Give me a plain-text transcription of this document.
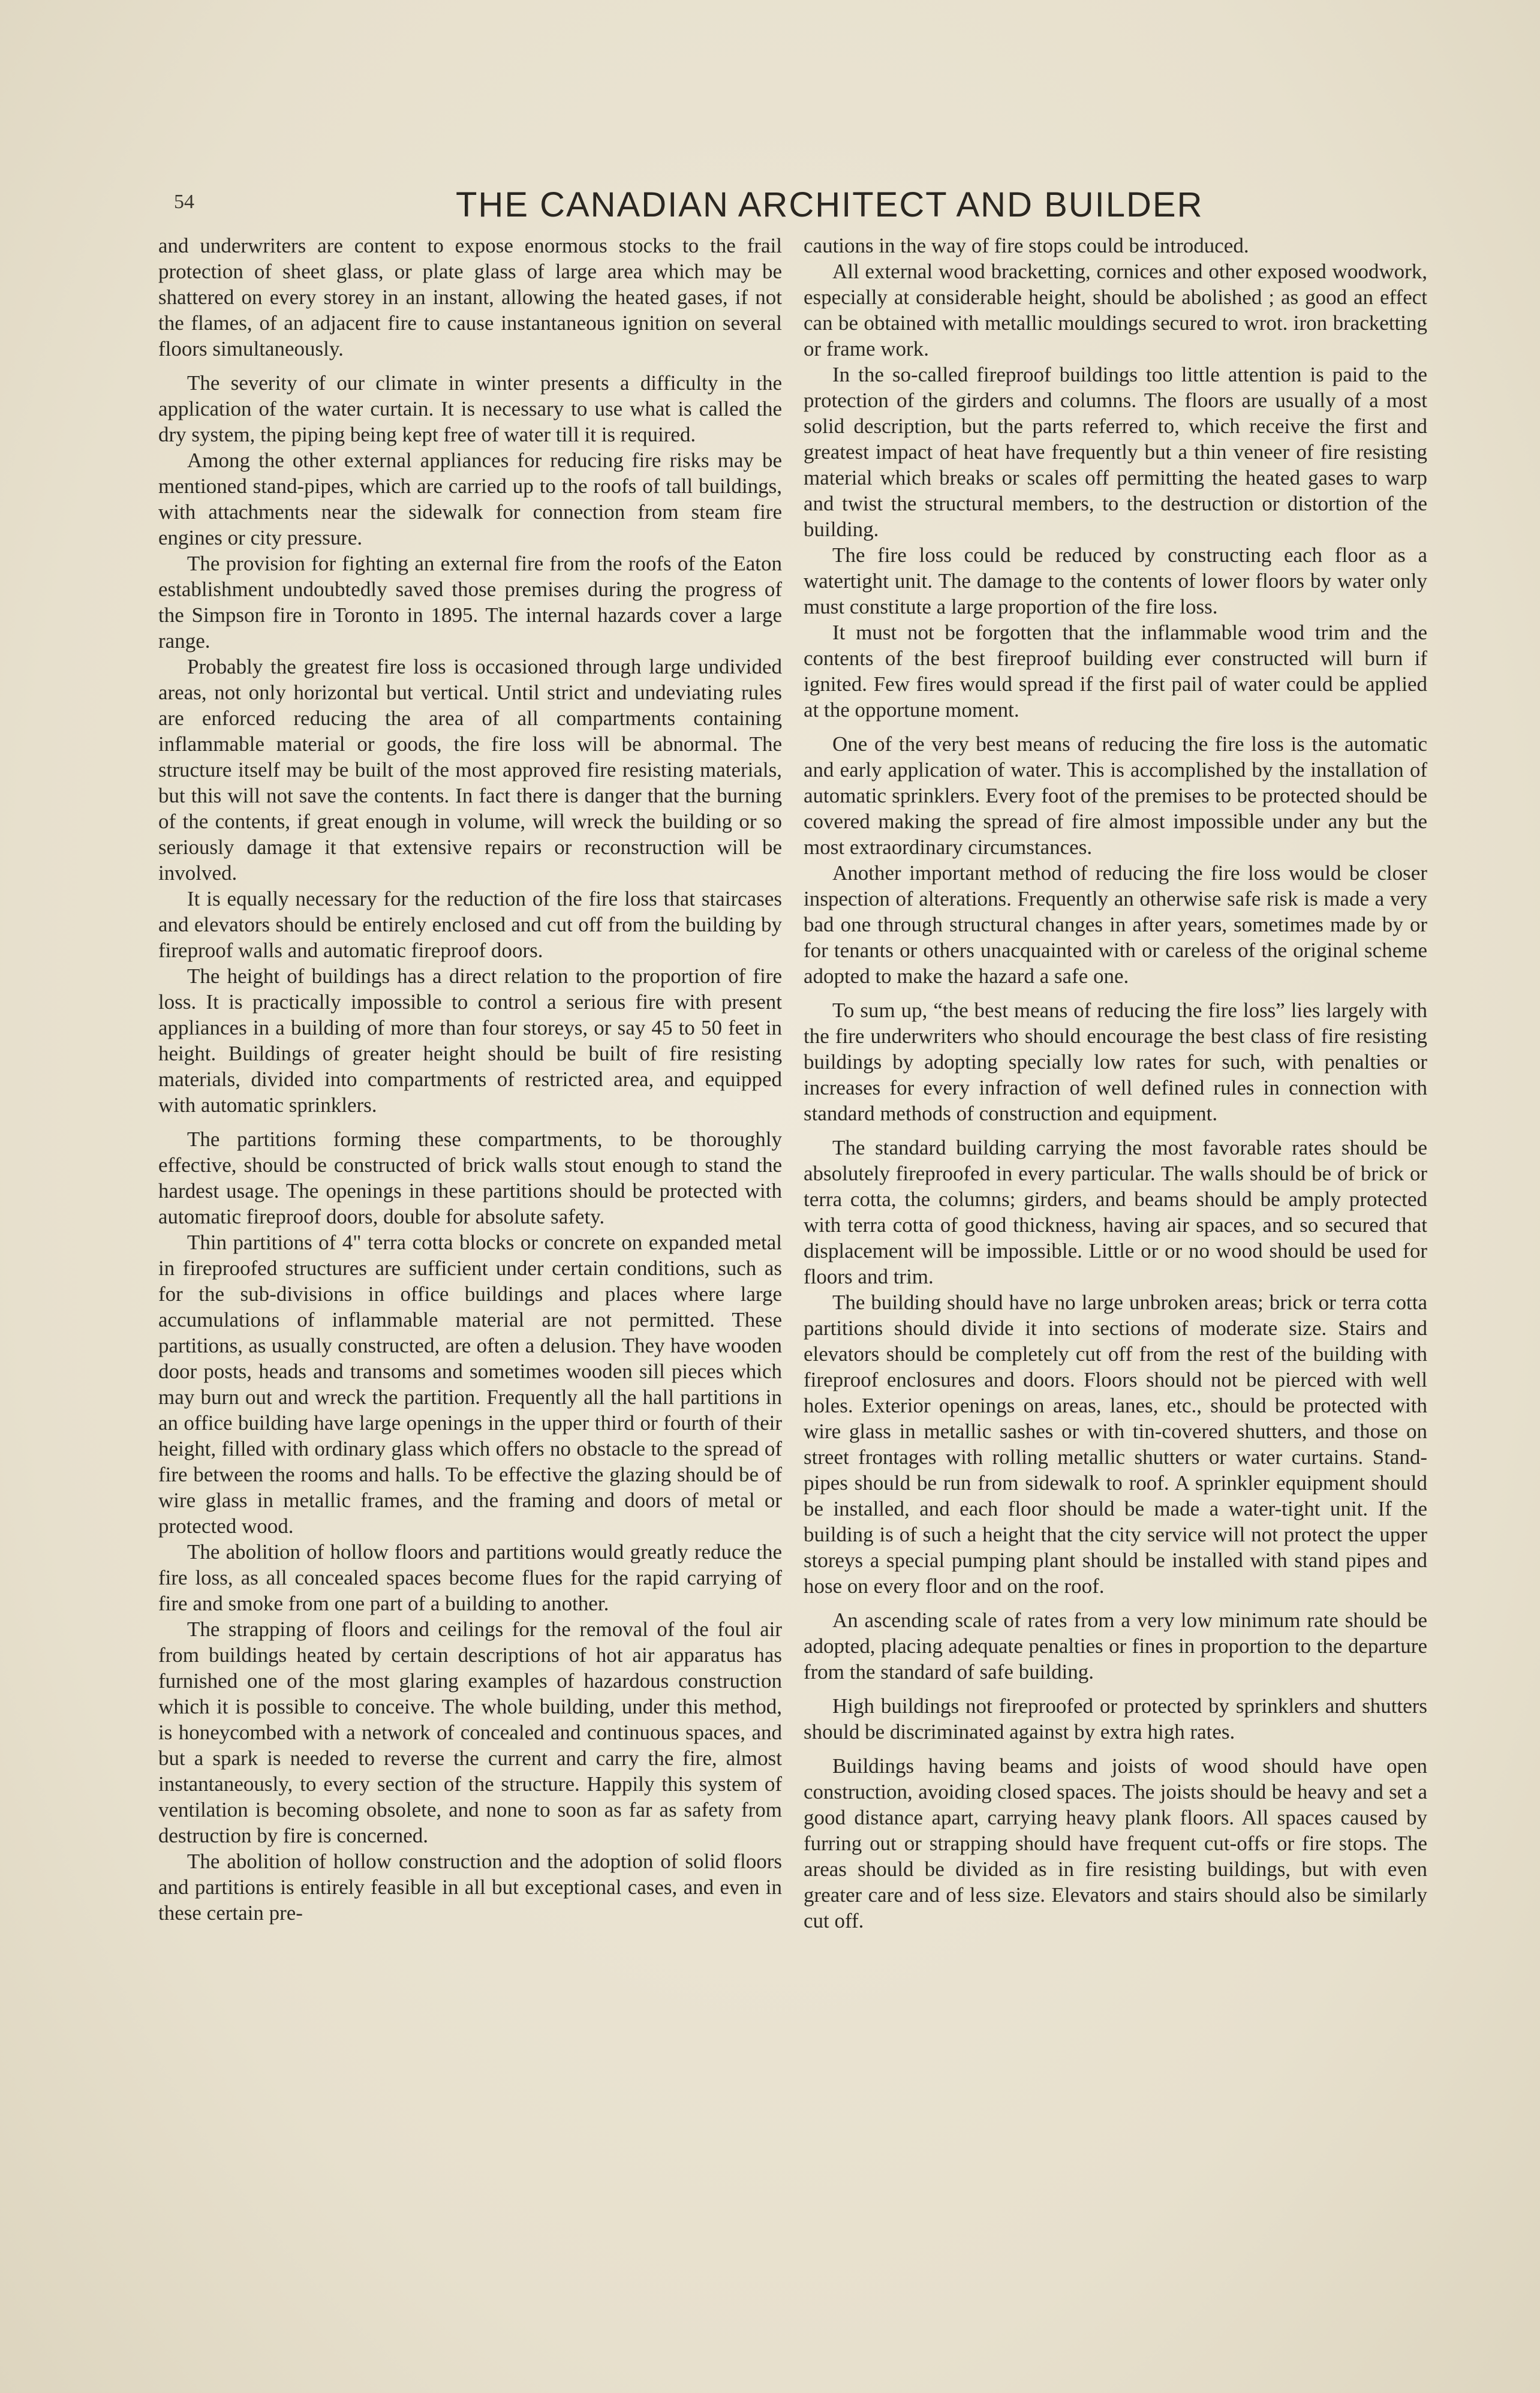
54	THE CANADIAN ARCHITECT AND BUILDER

and underwriters are content to expose enormous stocks to the frail protection of sheet glass, or plate glass of large area which may be shattered on every storey in an instant, allowing the heated gases, if not the flames, of an adjacent fire to cause instantaneous ignition on several floors simultaneously.

The severity of our climate in winter presents a difficulty in the application of the water curtain. It is necessary to use what is called the dry system, the piping being kept free of water till it is required.

Among the other external appliances for reducing fire risks may be mentioned stand-pipes, which are carried up to the roofs of tall buildings, with attachments near the sidewalk for connection from steam fire engines or city pressure.

The provision for fighting an external fire from the roofs of the Eaton establishment undoubtedly saved those premises during the progress of the Simpson fire in Toronto in 1895. The internal hazards cover a large range.

Probably the greatest fire loss is occasioned through large undivided areas, not only horizontal but vertical. Until strict and undeviating rules are enforced reducing the area of all compartments containing inflammable material or goods, the fire loss will be abnormal. The structure itself may be built of the most approved fire resisting materials, but this will not save the contents. In fact there is danger that the burning of the contents, if great enough in volume, will wreck the building or so seriously damage it that extensive repairs or reconstruction will be involved.

It is equally necessary for the reduction of the fire loss that staircases and elevators should be entirely enclosed and cut off from the building by fireproof walls and automatic fireproof doors.

The height of buildings has a direct relation to the proportion of fire loss. It is practically impossible to control a serious fire with present appliances in a building of more than four storeys, or say 45 to 50 feet in height. Buildings of greater height should be built of fire resisting materials, divided into compartments of restricted area, and equipped with automatic sprinklers.

The partitions forming these compartments, to be thoroughly effective, should be constructed of brick walls stout enough to stand the hardest usage. The openings in these partitions should be protected with automatic fireproof doors, double for absolute safety.

Thin partitions of 4" terra cotta blocks or concrete on expanded metal in fireproofed structures are sufficient under certain conditions, such as for the sub-divisions in office buildings and places where large accumulations of inflammable material are not permitted. These partitions, as usually constructed, are often a delusion. They have wooden door posts, heads and transoms and sometimes wooden sill pieces which may burn out and wreck the partition. Frequently all the hall partitions in an office building have large openings in the upper third or fourth of their height, filled with ordinary glass which offers no obstacle to the spread of fire between the rooms and halls. To be effective the glazing should be of wire glass in metallic frames, and the framing and doors of metal or protected wood.

The abolition of hollow floors and partitions would greatly reduce the fire loss, as all concealed spaces become flues for the rapid carrying of fire and smoke from one part of a building to another.

The strapping of floors and ceilings for the removal of the foul air from buildings heated by certain descriptions of hot air apparatus has furnished one of the most glaring examples of hazardous construction which it is possible to conceive. The whole building, under this method, is honeycombed with a network of concealed and continuous spaces, and but a spark is needed to reverse the current and carry the fire, almost instantaneously, to every section of the structure. Happily this system of ventilation is becoming obsolete, and none to soon as far as safety from destruction by fire is concerned.

The abolition of hollow construction and the adoption of solid floors and partitions is entirely feasible in all but exceptional cases, and even in these certain pre-

cautions in the way of fire stops could be introduced.

All external wood bracketting, cornices and other exposed woodwork, especially at considerable height, should be abolished ; as good an effect can be obtained with metallic mouldings secured to wrot. iron bracketting or frame work.

In the so-called fireproof buildings too little attention is paid to the protection of the girders and columns. The floors are usually of a most solid description, but the parts referred to, which receive the first and greatest impact of heat have frequently but a thin veneer of fire resisting material which breaks or scales off permitting the heated gases to warp and twist the structural members, to the destruction or distortion of the building.

The fire loss could be reduced by constructing each floor as a watertight unit. The damage to the contents of lower floors by water only must constitute a large proportion of the fire loss.

It must not be forgotten that the inflammable wood trim and the contents of the best fireproof building ever constructed will burn if ignited. Few fires would spread if the first pail of water could be applied at the opportune moment.

One of the very best means of reducing the fire loss is the automatic and early application of water. This is accomplished by the installation of automatic sprinklers. Every foot of the premises to be protected should be covered making the spread of fire almost impossible under any but the most extraordinary circumstances.

Another important method of reducing the fire loss would be closer inspection of alterations. Frequently an otherwise safe risk is made a very bad one through structural changes in after years, sometimes made by or for tenants or others unacquainted with or careless of the original scheme adopted to make the hazard a safe one.

To sum up, “the best means of reducing the fire loss” lies largely with the fire underwriters who should encourage the best class of fire resisting buildings by adopting specially low rates for such, with penalties or increases for every infraction of well defined rules in connection with standard methods of construction and equipment.

The standard building carrying the most favorable rates should be absolutely fireproofed in every particular. The walls should be of brick or terra cotta, the columns; girders, and beams should be amply protected with terra cotta of good thickness, having air spaces, and so secured that displacement will be impossible. Little or or no wood should be used for floors and trim.

The building should have no large unbroken areas; brick or terra cotta partitions should divide it into sections of moderate size. Stairs and elevators should be completely cut off from the rest of the building with fireproof enclosures and doors. Floors should not be pierced with well holes. Exterior openings on areas, lanes, etc., should be protected with wire glass in metallic sashes or with tin-covered shutters, and those on street frontages with rolling metallic shutters or water curtains. Stand-pipes should be run from sidewalk to roof. A sprinkler equipment should be installed, and each floor should be made a water-tight unit. If the building is of such a height that the city service will not protect the upper storeys a special pumping plant should be installed with stand pipes and hose on every floor and on the roof.

An ascending scale of rates from a very low minimum rate should be adopted, placing adequate penalties or fines in proportion to the departure from the standard of safe building.

High buildings not fireproofed or protected by sprinklers and shutters should be discriminated against by extra high rates.

Buildings having beams and joists of wood should have open construction, avoiding closed spaces. The joists should be heavy and set a good distance apart, carrying heavy plank floors. All spaces caused by furring out or strapping should have frequent cut-offs or fire stops. The areas should be divided as in fire resisting buildings, but with even greater care and of less size. Elevators and stairs should also be similarly cut off.
